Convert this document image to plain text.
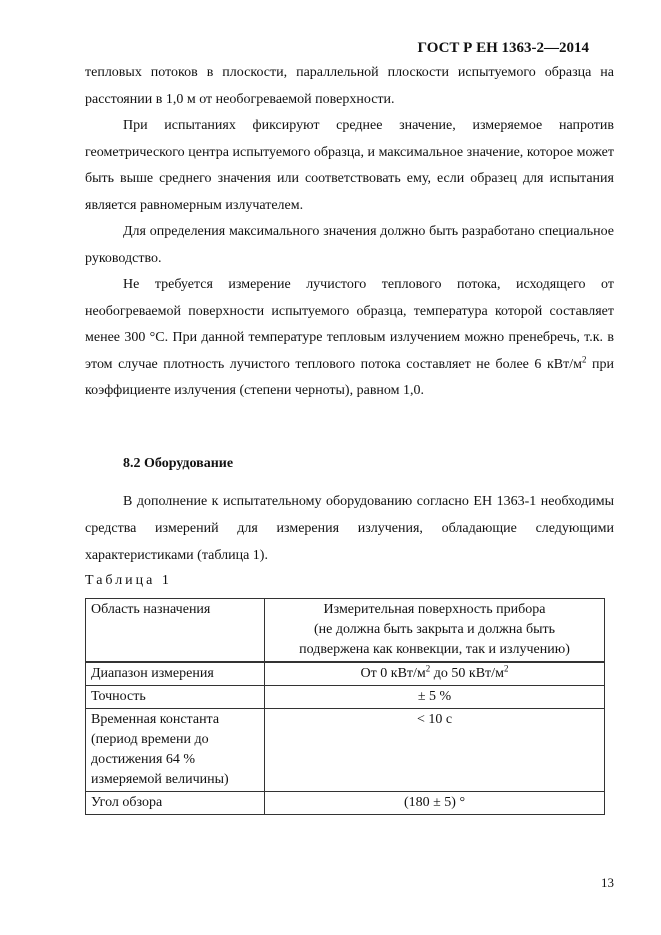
ГОСТ Р ЕН 1363-2—2014

тепловых потоков в плоскости, параллельной плоскости испытуемого образца на расстоянии в 1,0 м от необогреваемой поверхности.

При испытаниях фиксируют среднее значение, измеряемое напротив геометрического центра испытуемого образца, и максимальное значение, которое может быть выше среднего значения или соответствовать ему, если образец для испытания является равномерным излучателем.

Для определения максимального значения должно быть разработано специальное руководство.

Не требуется измерение лучистого теплового потока, исходящего от необогреваемой поверхности испытуемого образца, температура которой составляет менее 300 °С. При данной температуре тепловым излучением можно пренебречь, т.к. в этом случае плотность лучистого теплового потока составляет не более 6 кВт/$м^2$ при коэффициенте излучения (степени черноты), равном 1,0.

8.2 Оборудование

В дополнение к испытательному оборудованию согласно ЕН 1363-1 необходимы средства измерений для измерения излучения, обладающие следующими характеристиками (таблица 1).

Таблица 1
Область назначения	Измерительная поверхность прибора
(не должна быть закрыта и должна быть
подвержена как конвекции, так и излучению)

Диапазон измерения	От 0 кВт/$м^2$ до 50 кВт/$м^2$
Точность	± 5 %

Временная константа
(период времени до
достижения 64 %
измеряемой величины)	< 10 с
Угол обзора	(180 ± 5) °
13
